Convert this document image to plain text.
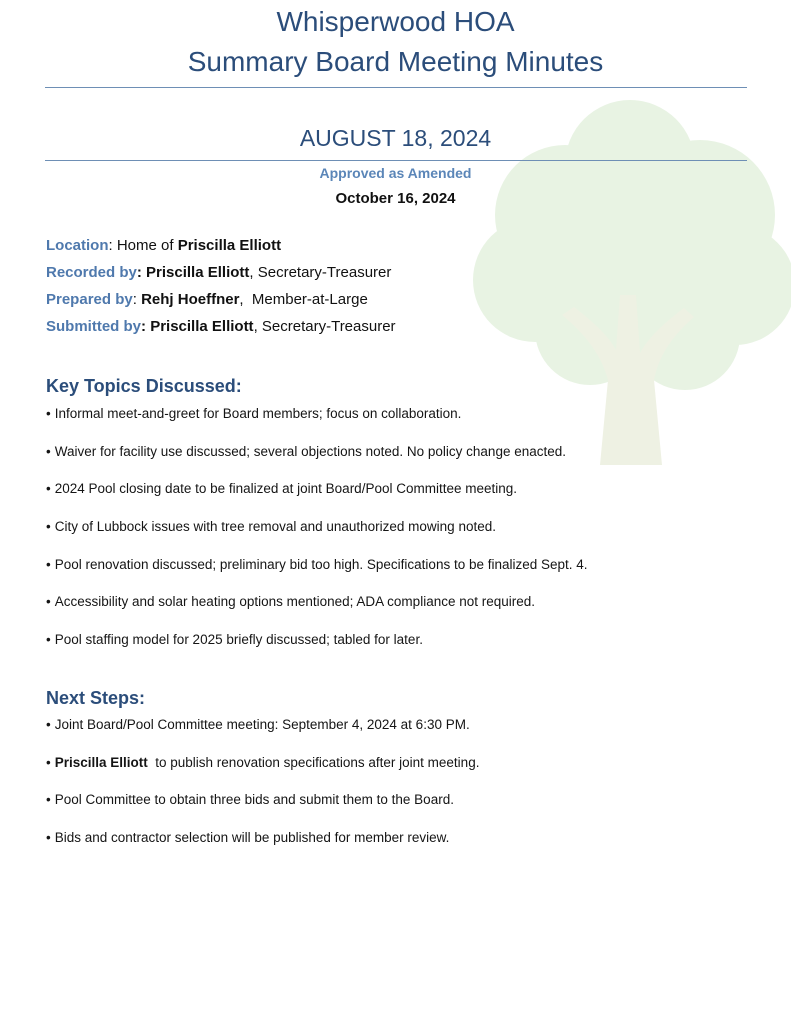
Whisperwood HOA
Summary Board Meeting Minutes
AUGUST 18, 2024
Approved as Amended
October 16, 2024
Location: Home of Priscilla Elliott
Recorded by: Priscilla Elliott, Secretary-Treasurer
Prepared by: Rehj Hoeffner,  Member-at-Large
Submitted by: Priscilla Elliott, Secretary-Treasurer
Key Topics Discussed:
• Informal meet-and-greet for Board members; focus on collaboration.
• Waiver for facility use discussed; several objections noted. No policy change enacted.
• 2024 Pool closing date to be finalized at joint Board/Pool Committee meeting.
• City of Lubbock issues with tree removal and unauthorized mowing noted.
• Pool renovation discussed; preliminary bid too high. Specifications to be finalized Sept. 4.
• Accessibility and solar heating options mentioned; ADA compliance not required.
• Pool staffing model for 2025 briefly discussed; tabled for later.
Next Steps:
• Joint Board/Pool Committee meeting: September 4, 2024 at 6:30 PM.
• Priscilla Elliott  to publish renovation specifications after joint meeting.
• Pool Committee to obtain three bids and submit them to the Board.
• Bids and contractor selection will be published for member review.
